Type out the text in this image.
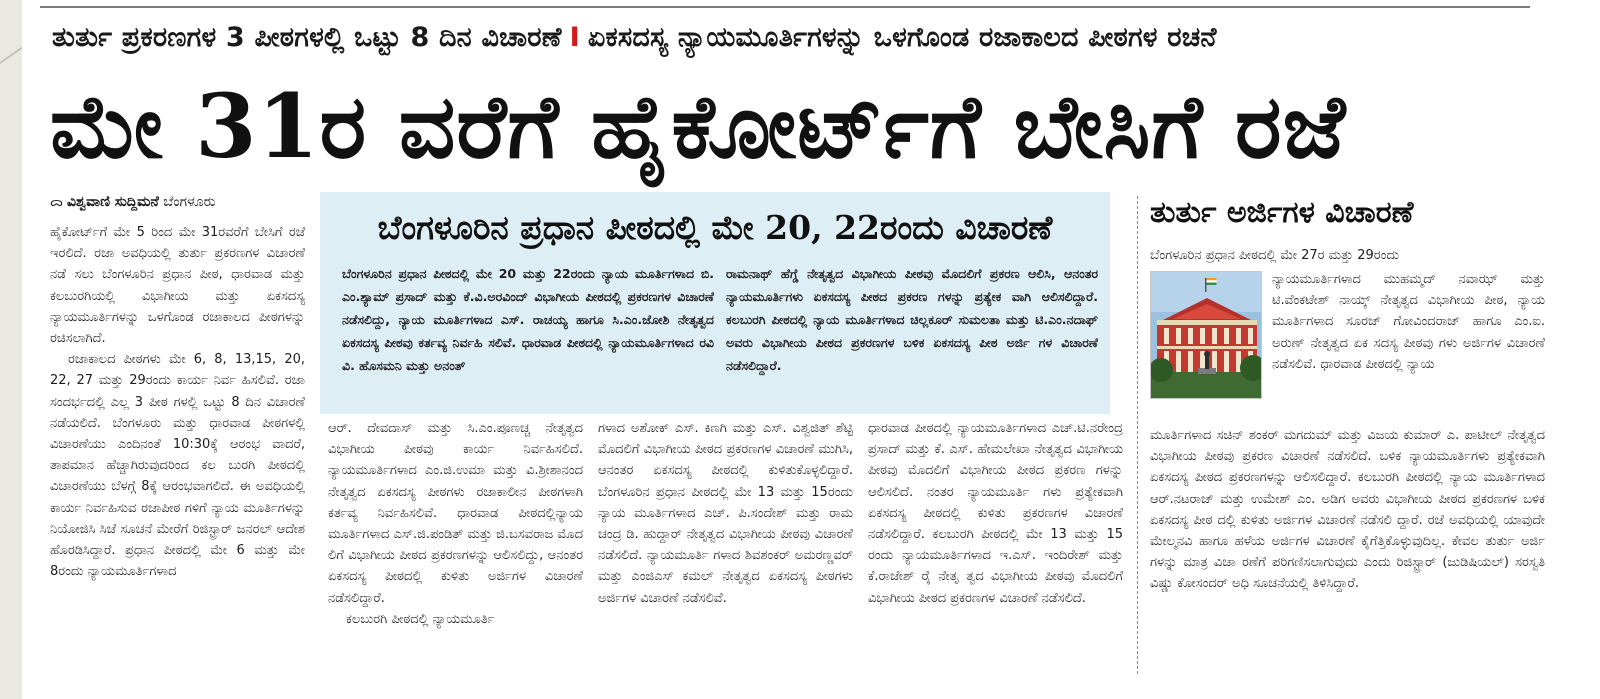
ತುರ್ತು ಪ್ರಕರಣಗಳ 3 ಪೀಠಗಳಲ್ಲಿ ಒಟ್ಟು 8 ದಿನ ವಿಚಾರಣೆ I ಏಕಸದಸ್ಯ ನ್ಯಾಯಮೂರ್ತಿಗಳನ್ನು ಒಳಗೊಂಡ ರಜಾಕಾಲದ ಪೀಠಗಳ ರಚನೆ
ಮೇ 31ರ ವರೆಗೆ ಹೈಕೋರ್ಟ್‌ಗೆ ಬೇಸಿಗೆ ರಜೆ
ᯅ ವಿಶ್ವವಾಣಿ ಸುದ್ದಿಮನೆ ಬೆಂಗಳೂರು

ಹೈಕೋರ್ಟ್‌ಗೆ ಮೇ 5 ರಿಂದ ಮೇ 31ರವರೆಗೆ ಬೇಸಿಗೆ ರಜೆ ಇರಲಿದೆ. ರಜಾ ಅವಧಿಯಲ್ಲಿ ತುರ್ತು ಪ್ರಕರಣಗಳ ವಿಚಾರಣೆ ನಡೆ ಸಲು ಬೆಂಗಳೂರಿನ ಪ್ರಧಾನ ಪೀಠ, ಧಾರವಾಡ ಮತ್ತು ಕಲಬುರಗಿಯಲ್ಲಿ ವಿಭಾಗೀಯ ಮತ್ತು ಏಕಸದಸ್ಯ ನ್ಯಾಯಮೂರ್ತಿಗಳನ್ನು ಒಳಗೊಂಡ ರಜಾಕಾಲದ ಪೀಠಗಳನ್ನು ರಚಿಸಲಾಗಿದೆ.

ರಜಾಕಾಲದ ಪೀಠಗಳು ಮೇ 6, 8, 13,15, 20, 22, 27 ಮತ್ತು 29ರಂದು ಕಾರ್ಯ ನಿರ್ವ ಹಿಸಲಿವೆ. ರಜಾ ಸಂದರ್ಭದಲ್ಲಿ ಎಲ್ಲ 3 ಪೀಠ ಗಳಲ್ಲಿ ಒಟ್ಟು 8 ದಿನ ವಿಚಾರಣೆ ನಡೆಯಲಿದೆ. ಬೆಂಗಳೂರು ಮತ್ತು ಧಾರವಾಡ ಪೀಠಗಳಲ್ಲಿ ವಿಚಾರಣೆಯು ಎಂದಿನಂತೆ 10:30ಕ್ಕೆ ಆರಂಭ ವಾದರೆ, ತಾಪಮಾನ ಹೆಚ್ಚಾಗಿರುವುದರಿಂದ ಕಲ ಬುರಗಿ ಪೀಠದಲ್ಲಿ ವಿಚಾರಣೆಯು ಬೆಳಗ್ಗೆ 8ಕ್ಕೆ ಆರಂಭವಾಗಲಿದೆ. ಈ ಅವಧಿಯಲ್ಲಿ ಕಾರ್ಯ ನಿರ್ವಹಿಸುವ ರಜಾಪೀಠ ಗಳಿಗೆ ನ್ಯಾಯ ಮೂರ್ತಿಗಳನ್ನು ನಿಯೋಜಿಸಿ ಸಿಜೆ ಸೂಚನೆ ಮೇರೆಗೆ ರಿಜಿಸ್ಟ್ರಾರ್ ಜನರಲ್ ಆದೇಶ ಹೊರಡಿಸಿದ್ದಾರೆ. ಪ್ರಧಾನ ಪೀಠದಲ್ಲಿ ಮೇ 6 ಮತ್ತು ಮೇ 8ರಂದು ನ್ಯಾಯಮೂರ್ತಿಗಳಾದ

ಬೆಂಗಳೂರಿನ ಪ್ರಧಾನ ಪೀಠದಲ್ಲಿ ಮೇ 20, 22ರಂದು ವಿಚಾರಣೆ
ಬೆಂಗಳೂರಿನ ಪ್ರಧಾನ ಪೀಠದಲ್ಲಿ ಮೇ 20 ಮತ್ತು 22ರಂದು ನ್ಯಾಯ ಮೂರ್ತಿಗಳಾದ ಬಿ. ಎಂ.ಶ್ಯಾಮ್ ಪ್ರಸಾದ್ ಮತ್ತು ಕೆ.ವಿ.ಅರವಿಂದ್ ವಿಭಾಗೀಯ ಪೀಠದಲ್ಲಿ ಪ್ರಕರಣಗಳ ವಿಚಾರಣೆ ನಡೆಸಲಿದ್ದು, ನ್ಯಾಯ ಮೂರ್ತಿಗಳಾದ ಎಸ್. ರಾಚಯ್ಯ ಹಾಗೂ ಸಿ.ಎಂ.ಜೋಶಿ ನೇತೃತ್ವದ ಏಕಸದಸ್ಯ ಪೀಠವು ಕರ್ತವ್ಯ ನಿರ್ವಹಿ ಸಲಿವೆ. ಧಾರವಾಡ ಪೀಠದಲ್ಲಿ ನ್ಯಾಯಮೂರ್ತಿಗಳಾದ ರವಿ ವಿ. ಹೊಸಮನಿ ಮತ್ತು ಅನಂತ್
ರಾಮನಾಥ್ ಹೆಗ್ಡೆ ನೇತೃತ್ವದ ವಿಭಾಗೀಯ ಪೀಠವು ಮೊದಲಿಗೆ ಪ್ರಕರಣ ಆಲಿಸಿ, ಆನಂತರ ನ್ಯಾಯಮೂರ್ತಿಗಳು ಏಕಸದಸ್ಯ ಪೀಠದ ಪ್ರಕರಣ ಗಳನ್ನು ಪ್ರತ್ಯೇಕ ವಾಗಿ ಆಲಿಸಲಿದ್ದಾರೆ. ಕಲಬುರಗಿ ಪೀಠದಲ್ಲಿ ನ್ಯಾಯ ಮೂರ್ತಿಗಳಾದ ಚಿಲ್ಲಕೂರ್ ಸುಮಲತಾ ಮತ್ತು ಟಿ.ಎಂ.ನದಾಫ್ ಅವರು ವಿಭಾಗೀಯ ಪೀಠದ ಪ್ರಕರಣಗಳ ಬಳಿಕ ಏಕಸದಸ್ಯ ಪೀಠ ಅರ್ಜಿ ಗಳ ವಿಚಾರಣೆ ನಡೆಸಲಿದ್ದಾರೆ.

ಆರ್. ದೇವದಾಸ್ ಮತ್ತು ಸಿ.ಎಂ.ಪೂಣಚ್ಚ ನೇತೃತ್ವದ ವಿಭಾಗೀಯ ಪೀಠವು ಕಾರ್ಯ ನಿರ್ವಹಿಸಲಿದೆ. ನ್ಯಾಯಮೂರ್ತಿಗಳಾದ ಎಂ.ಜಿ.ಉಮಾ ಮತ್ತು ವಿ.ಶ್ರೀಶಾನಂದ ನೇತೃತ್ವದ ಏಕಸದಸ್ಯ ಪೀಠಗಳು ರಜಾಕಾಲೀನ ಪೀಠಗಳಾಗಿ ಕರ್ತವ್ಯ ನಿರ್ವಹಿಸಲಿವೆ. ಧಾರವಾಡ ಪೀಠದಲ್ಲಿನ್ಯಾಯ ಮೂರ್ತಿಗಳಾದ ಎಸ್.ಜಿ.ಪಂಡಿತ್ ಮತ್ತು ಜಿ.ಬಸವರಾಜ ಮೊದ ಲಿಗೆ ವಿಭಾಗೀಯ ಪೀಠದ ಪ್ರಕರಣಗಳನ್ನು ಆಲಿಸಲಿದ್ದು, ಆನಂತರ ಏಕಸದಸ್ಯ ಪೀಠದಲ್ಲಿ ಕುಳಿತು ಅರ್ಜಿಗಳ ವಿಚಾರಣೆ ನಡೆಸಲಿದ್ದಾರೆ.

ಕಲಬುರಗಿ ಪೀಠದಲ್ಲಿ ನ್ಯಾಯಮೂರ್ತಿ

ಗಳಾದ ಅಶೋಕ್ ಎಸ್. ಕಿಣಗಿ ಮತ್ತು ಎಸ್. ವಿಶ್ವಜಿತ್ ಶೆಟ್ಟಿ ಮೊದಲಿಗೆ ವಿಭಾಗೀಯ ಪೀಠದ ಪ್ರಕರಣಗಳ ವಿಚಾರಣೆ ಮುಗಿಸಿ, ಆನಂತರ ಏಕಸದಸ್ಯ ಪೀಠದಲ್ಲಿ ಕುಳಿತುಕೊಳ್ಳಲಿದ್ದಾರೆ. ಬೆಂಗಳೂರಿನ ಪ್ರಧಾನ ಪೀಠದಲ್ಲಿ ಮೇ 13 ಮತ್ತು 15ರಂದು ನ್ಯಾಯ ಮೂರ್ತಿಗಳಾದ ಎಚ್. ಪಿ.ಸಂದೇಶ್ ಮತ್ತು ರಾಮ ಚಂದ್ರ ಡಿ. ಹುದ್ದಾರ್ ನೇತೃತ್ವದ ವಿಭಾಗೀಯ ಪೀಠವು ವಿಚಾರಣೆ ನಡೆಸಲಿದೆ. ನ್ಯಾಯಮೂರ್ತಿ ಗಳಾದ ಶಿವಶಂಕರ್ ಅಮರಣ್ಣವರ್ ಮತ್ತು ಎಂಜಿಎಸ್ ಕಮಲ್ ನೇತೃತ್ವದ ಏಕಸದಸ್ಯ ಪೀಠಗಳು ಅರ್ಜಿಗಳ ವಿಚಾರಣೆ ನಡೆಸಲಿವೆ.

ಧಾರವಾಡ ಪೀಠದಲ್ಲಿ ನ್ಯಾಯಮೂರ್ತಿಗಳಾದ ಎಚ್.ಟಿ.ನರೇಂದ್ರ ಪ್ರಸಾದ್ ಮತ್ತು ಕೆ. ಎಸ್. ಹೇಮಲೇಖಾ ನೇತೃತ್ವದ ವಿಭಾಗೀಯ ಪೀಠವು ಮೊದಲಿಗೆ ವಿಭಾಗೀಯ ಪೀಠದ ಪ್ರಕರಣ ಗಳನ್ನು ಆಲಿಸಲಿದೆ. ನಂತರ ನ್ಯಾಯಮೂರ್ತಿ ಗಳು ಪ್ರತ್ಯೇಕವಾಗಿ ಏಕಸದಸ್ಯ ಪೀಠದಲ್ಲಿ ಕುಳಿತು ಪ್ರಕರಣಗಳ ವಿಚಾರಣೆ ನಡೆಸಲಿದ್ದಾರೆ. ಕಲಬುರಗಿ ಪೀಠದಲ್ಲಿ ಮೇ 13 ಮತ್ತು 15 ರಂದು ನ್ಯಾಯಮೂರ್ತಿಗಳಾದ ಇ.ಎಸ್. ಇಂದಿರೇಶ್ ಮತ್ತು ಕೆ.ರಾಜೇಶ್ ರೈ ನೇತೃ ತ್ವದ ವಿಭಾಗೀಯ ಪೀಠವು ಮೊದಲಿಗೆ ವಿಭಾಗೀಯ ಪೀಠದ ಪ್ರಕರಣಗಳ ವಿಚಾರಣೆ ನಡೆಸಲಿದೆ.

ತುರ್ತು ಅರ್ಜಿಗಳ ವಿಚಾರಣೆ
ಬೆಂಗಳೂರಿನ ಪ್ರಧಾನ ಪೀಠದಲ್ಲಿ ಮೇ 27ರ ಮತ್ತು 29ರಂದು
ನ್ಯಾಯಮೂರ್ತಿಗಳಾದ ಮುಹಮ್ಮದ್ ನವಾಝ್ ಮತ್ತು ಟಿ.ವೆಂಕಟೇಶ್ ನಾಯ್ಕ್ ನೇತೃತ್ವದ ವಿಭಾಗೀಯ ಪೀಠ, ನ್ಯಾಯ ಮೂರ್ತಿಗಳಾದ ಸೂರಜ್ ಗೋವಿಂದರಾಜ್ ಹಾಗೂ ಎಂ.ಐ. ಅರುಣ್ ನೇತೃತ್ವದ ಏಕ ಸದಸ್ಯ ಪೀಠವು ಗಳು ಅರ್ಜಿಗಳ ವಿಚಾರಣೆ ನಡೆಸಲಿವೆ. ಧಾರವಾಡ ಪೀಠದಲ್ಲಿ ನ್ಯಾಯ
ಮೂರ್ತಿಗಳಾದ ಸಚಿನ್ ಶಂಕರ್ ಮಗದುಮ್ ಮತ್ತು ವಿಜಯ ಕುಮಾರ್ ಎ. ಪಾಟೀಲ್ ನೇತೃತ್ವದ ವಿಭಾಗೀಯ ಪೀಠವು ಪ್ರಕರಣ ವಿಚಾರಣೆ ನಡೆಸಲಿದೆ. ಬಳಿಕ ನ್ಯಾಯಮೂರ್ತಿಗಳು ಪ್ರತ್ಯೇಕವಾಗಿ ಏಕಸದಸ್ಯ ಪೀಠದ ಪ್ರಕರಣಗಳನ್ನು ಆಲಿಸಲಿದ್ದಾರೆ. ಕಲಬುರಗಿ ಪೀಠದಲ್ಲಿ ನ್ಯಾಯ ಮೂರ್ತಿಗಳಾದ ಆರ್.ನಟರಾಜ್ ಮತ್ತು ಉಮೇಶ್ ಎಂ. ಅಡಿಗ ಅವರು ವಿಭಾಗೀಯ ಪೀಠದ ಪ್ರಕರಣಗಳ ಬಳಿಕ ಏಕಸದಸ್ಯ ಪೀಠ ದಲ್ಲಿ ಕುಳಿತು ಅರ್ಜಿಗಳ ವಿಚಾರಣೆ ನಡೆಸಲಿ ದ್ದಾರೆ. ರಜೆ ಅವಧಿಯಲ್ಲಿ ಯಾವುದೇ ಮೇಲ್ಮನವಿ ಹಾಗೂ ಹಳೆಯ ಅರ್ಜಿಗಳ ವಿಚಾರಣೆ ಕೈಗೆತ್ತಿಕೊಳ್ಳುವುದಿಲ್ಲ. ಕೇವಲ ತುರ್ತು ಅರ್ಜಿ ಗಳನ್ನು ಮಾತ್ರ ವಿಚಾ ರಣೆಗೆ ಪರಿಗಣಿಸಲಾಗುವುದು ಎಂದು ರಿಜಿಸ್ಟ್ರಾರ್ (ಜುಡಿಷಿಯಲ್) ಸರಸ್ವತಿ ವಿಷ್ಣು ಕೋಸಂದರ್ ಅಧಿ ಸೂಚನೆಯಲ್ಲಿ ತಿಳಿಸಿದ್ದಾರೆ.
